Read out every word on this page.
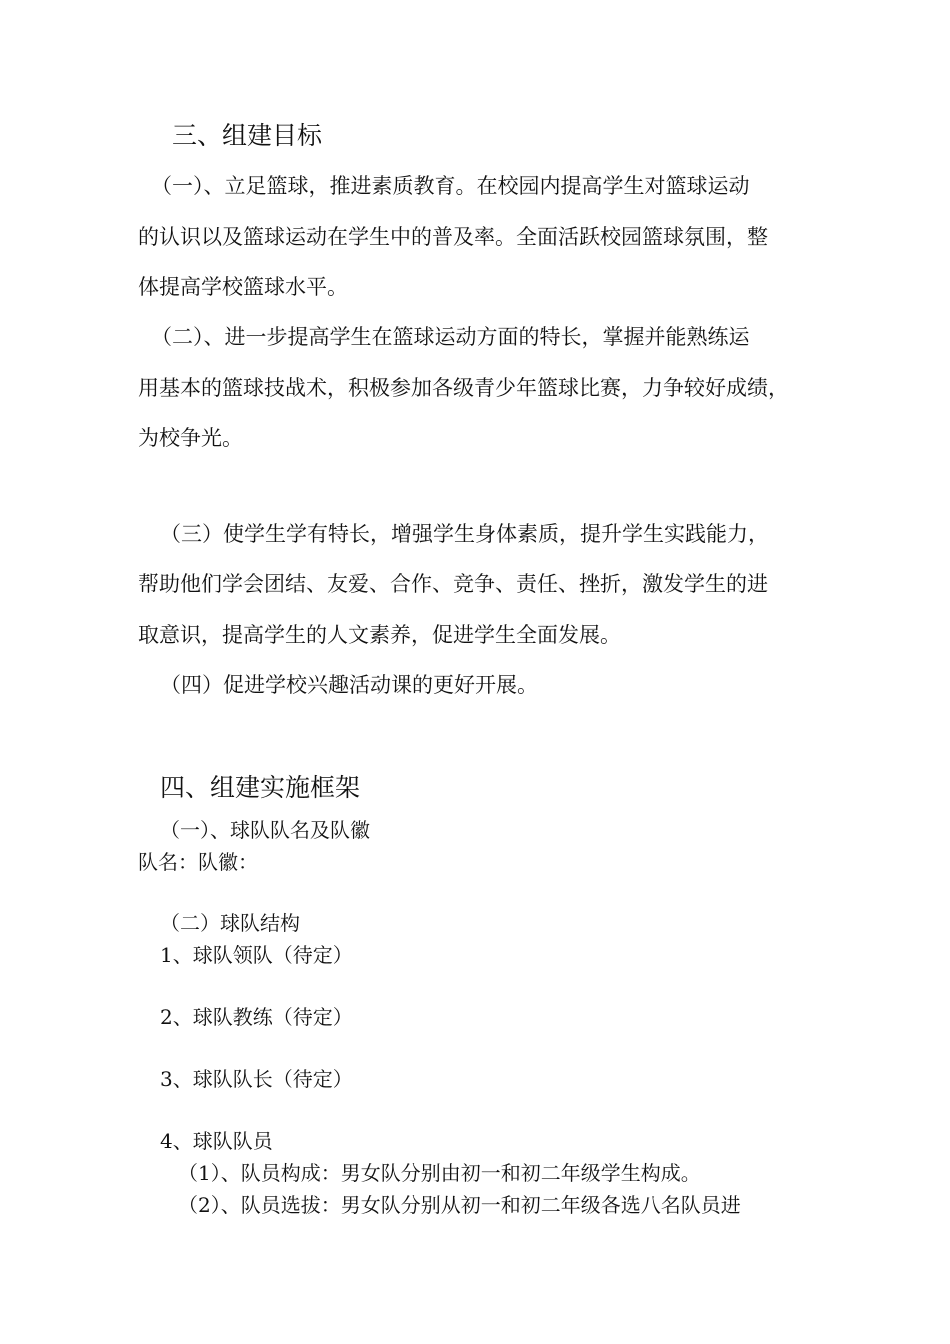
三、组建目标
（一）、立足篮球，推进素质教育。在校园内提高学生对篮球运动
的认识以及篮球运动在学生中的普及率。全面活跃校园篮球氛围，整
体提高学校篮球水平。
（二）、进一步提高学生在篮球运动方面的特长，掌握并能熟练运
用基本的篮球技战术，积极参加各级青少年篮球比赛，力争较好成绩，
为校争光。
（三）使学生学有特长，增强学生身体素质，提升学生实践能力，
帮助他们学会团结、友爱、合作、竞争、责任、挫折，激发学生的进
取意识，提高学生的人文素养，促进学生全面发展。
（四）促进学校兴趣活动课的更好开展。
四、组建实施框架
（一）、球队队名及队徽
队名：队徽：
（二）球队结构
1、球队领队（待定）
2、球队教练（待定）
3、球队队长（待定）
4、球队队员
（1）、队员构成：男女队分别由初一和初二年级学生构成。
（2）、队员选拔：男女队分别从初一和初二年级各选八名队员进
